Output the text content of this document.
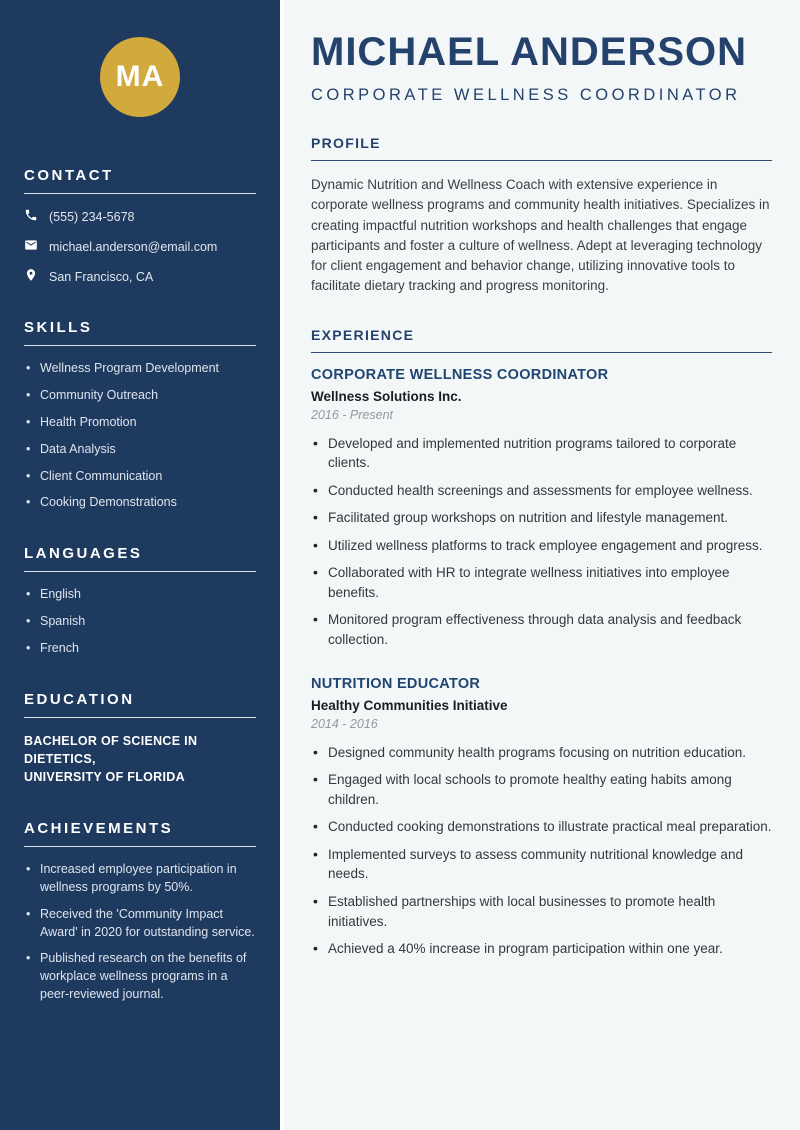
MA
CONTACT
(555) 234-5678
michael.anderson@email.com
San Francisco, CA
SKILLS
• Wellness Program Development
• Community Outreach
• Health Promotion
• Data Analysis
• Client Communication
• Cooking Demonstrations
LANGUAGES
• English
• Spanish
• French
EDUCATION
BACHELOR OF SCIENCE IN DIETETICS,
UNIVERSITY OF FLORIDA
ACHIEVEMENTS
• Increased employee participation in wellness programs by 50%.
• Received the 'Community Impact Award' in 2020 for outstanding service.
• Published research on the benefits of workplace wellness programs in a peer-reviewed journal.
MICHAEL ANDERSON
CORPORATE WELLNESS COORDINATOR
PROFILE

Dynamic Nutrition and Wellness Coach with extensive experience in corporate wellness programs and community health initiatives. Specializes in creating impactful nutrition workshops and health challenges that engage participants and foster a culture of wellness. Adept at leveraging technology for client engagement and behavior change, utilizing innovative tools to facilitate dietary tracking and progress monitoring.

EXPERIENCE
CORPORATE WELLNESS COORDINATOR
Wellness Solutions Inc.
2016 - Present
• Developed and implemented nutrition programs tailored to corporate clients.
• Conducted health screenings and assessments for employee wellness.
• Facilitated group workshops on nutrition and lifestyle management.
• Utilized wellness platforms to track employee engagement and progress.
• Collaborated with HR to integrate wellness initiatives into employee benefits.
• Monitored program effectiveness through data analysis and feedback collection.
NUTRITION EDUCATOR
Healthy Communities Initiative
2014 - 2016
• Designed community health programs focusing on nutrition education.
• Engaged with local schools to promote healthy eating habits among children.
• Conducted cooking demonstrations to illustrate practical meal preparation.
• Implemented surveys to assess community nutritional knowledge and needs.
• Established partnerships with local businesses to promote health initiatives.
• Achieved a 40% increase in program participation within one year.
